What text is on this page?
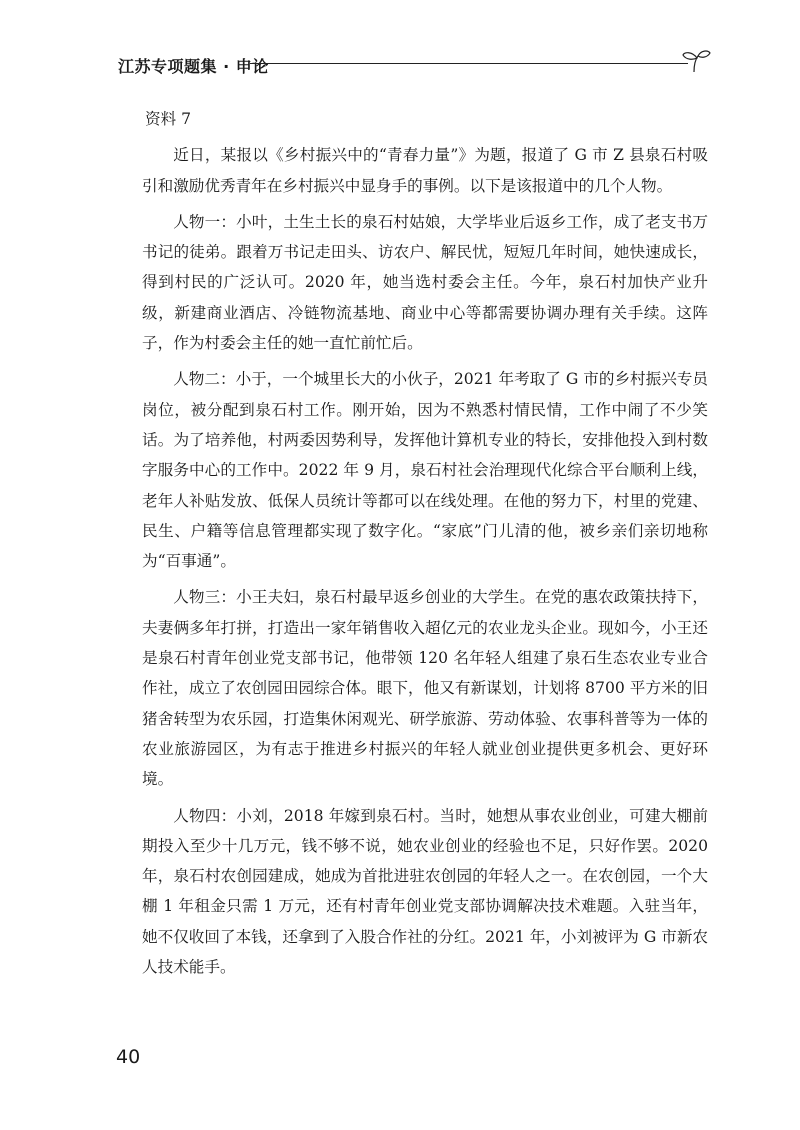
江苏专项题集 · 申论
资料 7

近日，某报以《乡村振兴中的“青春力量”》为题，报道了 G 市 Z 县泉石村吸引和激励优秀青年在乡村振兴中显身手的事例。以下是该报道中的几个人物。

人物一：小叶，土生土长的泉石村姑娘，大学毕业后返乡工作，成了老支书万书记的徒弟。跟着万书记走田头、访农户、解民忧，短短几年时间，她快速成长，得到村民的广泛认可。2020 年，她当选村委会主任。今年，泉石村加快产业升级，新建商业酒店、冷链物流基地、商业中心等都需要协调办理有关手续。这阵子，作为村委会主任的她一直忙前忙后。

人物二：小于，一个城里长大的小伙子，2021 年考取了 G 市的乡村振兴专员岗位，被分配到泉石村工作。刚开始，因为不熟悉村情民情，工作中闹了不少笑话。为了培养他，村两委因势利导，发挥他计算机专业的特长，安排他投入到村数字服务中心的工作中。2022 年 9 月，泉石村社会治理现代化综合平台顺利上线，老年人补贴发放、低保人员统计等都可以在线处理。在他的努力下，村里的党建、民生、户籍等信息管理都实现了数字化。“家底”门儿清的他，被乡亲们亲切地称为“百事通”。

人物三：小王夫妇，泉石村最早返乡创业的大学生。在党的惠农政策扶持下，夫妻俩多年打拼，打造出一家年销售收入超亿元的农业龙头企业。现如今，小王还是泉石村青年创业党支部书记，他带领 120 名年轻人组建了泉石生态农业专业合作社，成立了农创园田园综合体。眼下，他又有新谋划，计划将 8700 平方米的旧猪舍转型为农乐园，打造集休闲观光、研学旅游、劳动体验、农事科普等为一体的农业旅游园区，为有志于推进乡村振兴的年轻人就业创业提供更多机会、更好环境。

人物四：小刘，2018 年嫁到泉石村。当时，她想从事农业创业，可建大棚前期投入至少十几万元，钱不够不说，她农业创业的经验也不足，只好作罢。2020 年，泉石村农创园建成，她成为首批进驻农创园的年轻人之一。在农创园，一个大棚 1 年租金只需 1 万元，还有村青年创业党支部协调解决技术难题。入驻当年，她不仅收回了本钱，还拿到了入股合作社的分红。2021 年，小刘被评为 G 市新农人技术能手。

40
